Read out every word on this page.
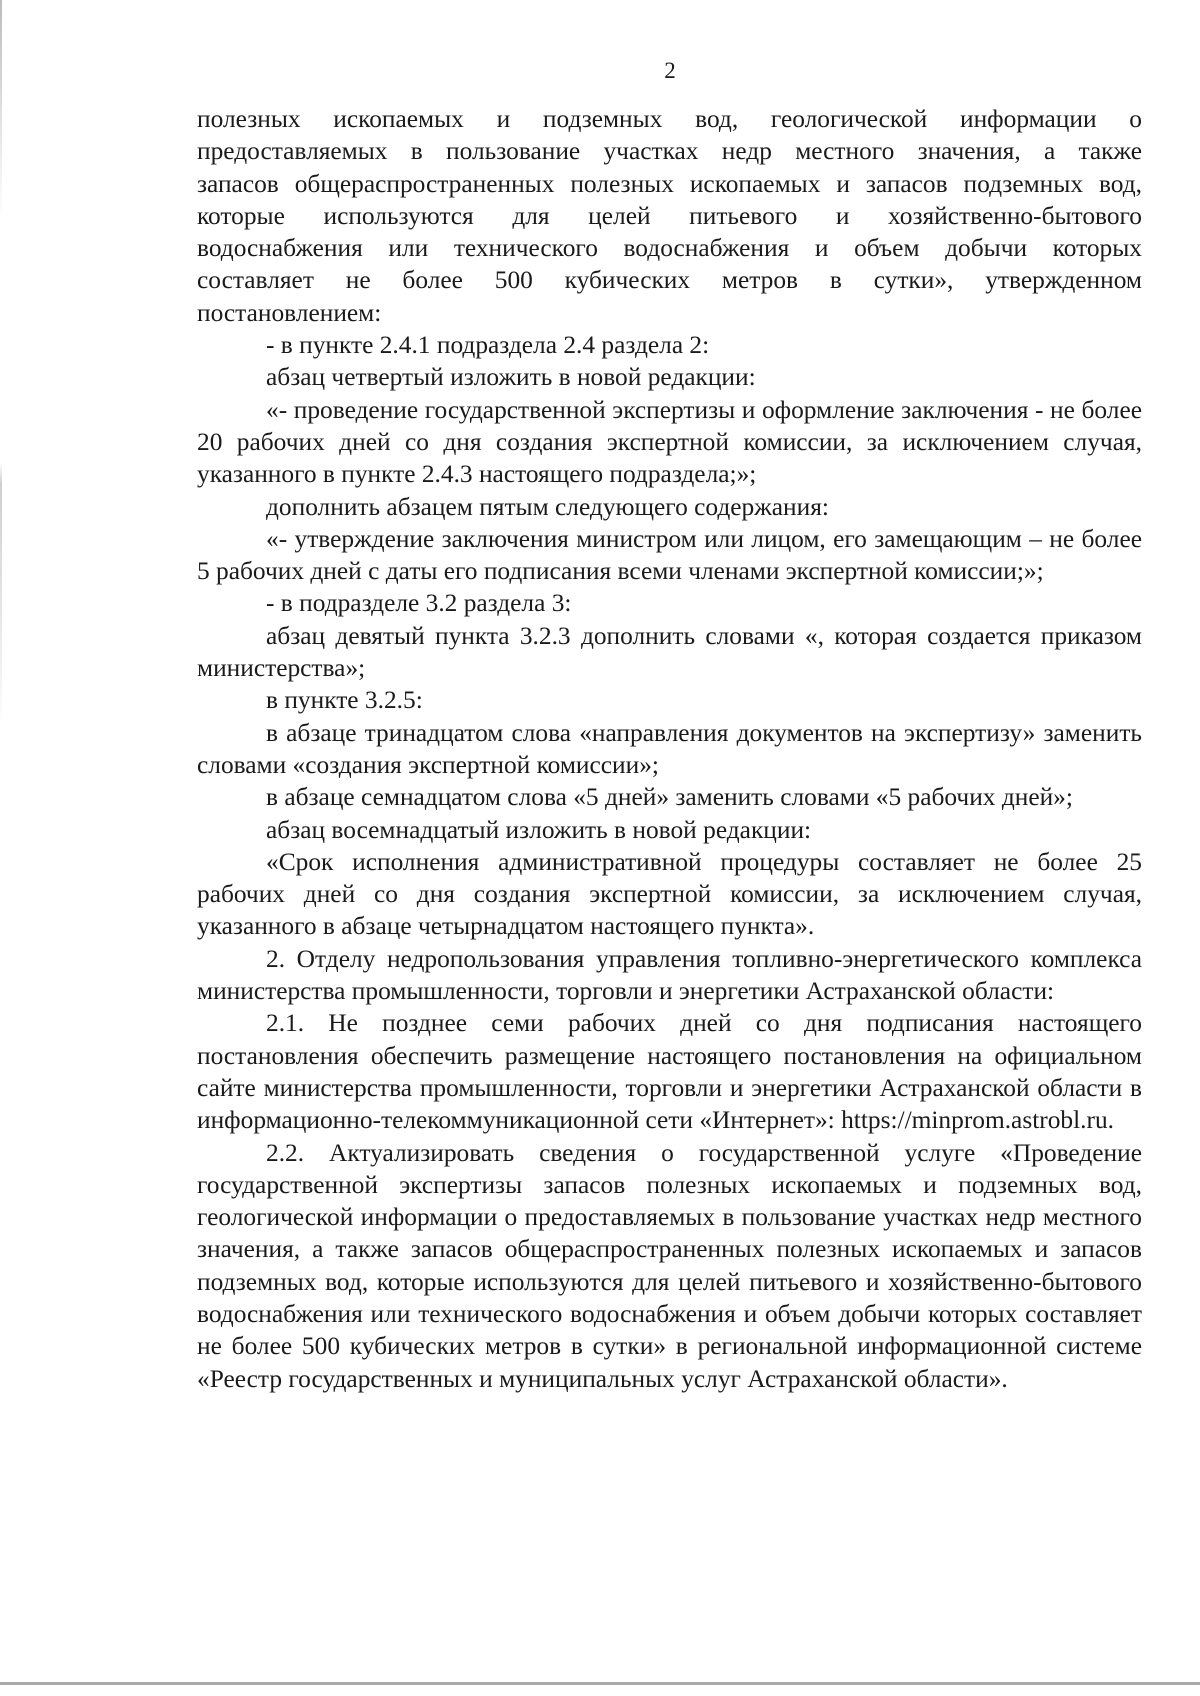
2

полезных ископаемых и подземных вод, геологической информации о предоставляемых в пользование участках недр местного значения, а также запасов общераспространенных полезных ископаемых и запасов подземных вод, которые используются для целей питьевого и хозяйственно-бытового водоснабжения или технического водоснабжения и объем добычи которых составляет не более 500 кубических метров в сутки», утвержденном постановлением:

- в пункте 2.4.1 подраздела 2.4 раздела 2:

абзац четвертый изложить в новой редакции:

«- проведение государственной экспертизы и оформление заключения - не более 20 рабочих дней со дня создания экспертной комиссии, за исключением случая, указанного в пункте 2.4.3 настоящего подраздела;»;

дополнить абзацем пятым следующего содержания:

«- утверждение заключения министром или лицом, его замещающим – не более 5 рабочих дней с даты его подписания всеми членами экспертной комиссии;»;

- в подразделе 3.2 раздела 3:

абзац девятый пункта 3.2.3 дополнить словами «, которая создается приказом министерства»;

в пункте 3.2.5:

в абзаце тринадцатом слова «направления документов на экспертизу» заменить словами «создания экспертной комиссии»;

в абзаце семнадцатом слова «5 дней» заменить словами «5 рабочих дней»;

абзац восемнадцатый изложить в новой редакции:

«Срок исполнения административной процедуры составляет не более 25 рабочих дней со дня создания экспертной комиссии, за исключением случая, указанного в абзаце четырнадцатом настоящего пункта».

2. Отделу недропользования управления топливно-энергетического комплекса министерства промышленности, торговли и энергетики Астраханской области:

2.1. Не позднее семи рабочих дней со дня подписания настоящего постановления обеспечить размещение настоящего постановления на официальном сайте министерства промышленности, торговли и энергетики Астраханской области в информационно-телекоммуникационной сети «Интернет»: https://minprom.astrobl.ru.

2.2. Актуализировать сведения о государственной услуге «Проведение государственной экспертизы запасов полезных ископаемых и подземных вод, геологической информации о предоставляемых в пользование участках недр местного значения, а также запасов общераспространенных полезных ископаемых и запасов подземных вод, которые используются для целей питьевого и хозяйственно-бытового водоснабжения или технического водоснабжения и объем добычи которых составляет не более 500 кубических метров в сутки» в региональной информационной системе «Реестр государственных и муниципальных услуг Астраханской области».
